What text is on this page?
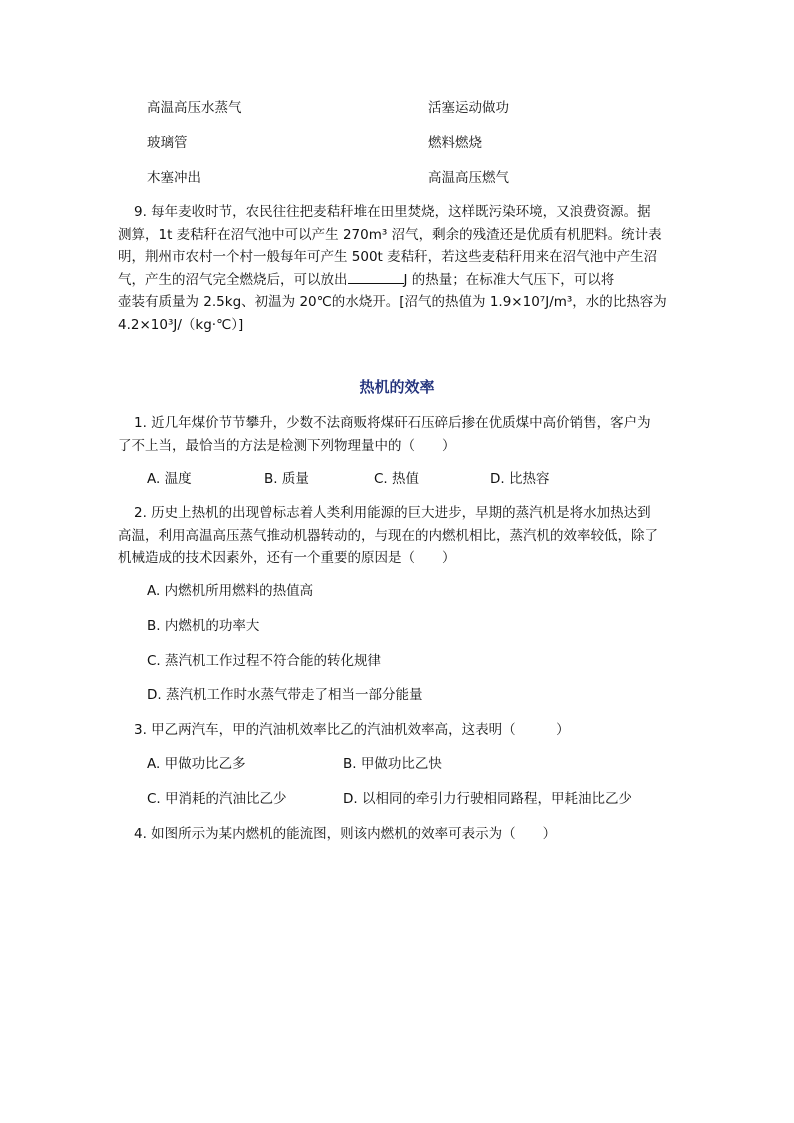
高温高压水蒸气	活塞运动做功
玻璃管	燃料燃烧
木塞冲出	高温高压燃气

9. 每年麦收时节，农民往往把麦秸秆堆在田里焚烧，这样既污染环境，又浪费资源。据

测算，1t 麦秸秆在沼气池中可以产生 270m³ 沼气，剩余的残渣还是优质有机肥料。统计表

明，荆州市农村一个村一般每年可产生 500t 麦秸秆，若这些麦秸秆用来在沼气池中产生沼

气，产生的沼气完全燃烧后，可以放出	J 的热量；在标准大气压下，可以将

壶装有质量为 2.5kg、初温为 20℃的水烧开。[沼气的热值为 1.9×10⁷J/m³，水的比热容为

4.2×10³J/（kg·℃）]

热机的效率

1. 近几年煤价节节攀升，少数不法商贩将煤矸石压碎后掺在优质煤中高价销售，客户为

了不上当，最恰当的方法是检测下列物理量中的（　　）

A. 温度	B. 质量	C. 热值	D. 比热容

2. 历史上热机的出现曾标志着人类利用能源的巨大进步，早期的蒸汽机是将水加热达到

高温，利用高温高压蒸气推动机器转动的，与现在的内燃机相比，蒸汽机的效率较低，除了

机械造成的技术因素外，还有一个重要的原因是（　　）

A. 内燃机所用燃料的热值高
B. 内燃机的功率大
C. 蒸汽机工作过程不符合能的转化规律
D. 蒸汽机工作时水蒸气带走了相当一部分能量
3. 甲乙两汽车，甲的汽油机效率比乙的汽油机效率高，这表明（　　　）
A. 甲做功比乙多	B. 甲做功比乙快
C. 甲消耗的汽油比乙少	D. 以相同的牵引力行驶相同路程，甲耗油比乙少
4. 如图所示为某内燃机的能流图，则该内燃机的效率可表示为（　　）
